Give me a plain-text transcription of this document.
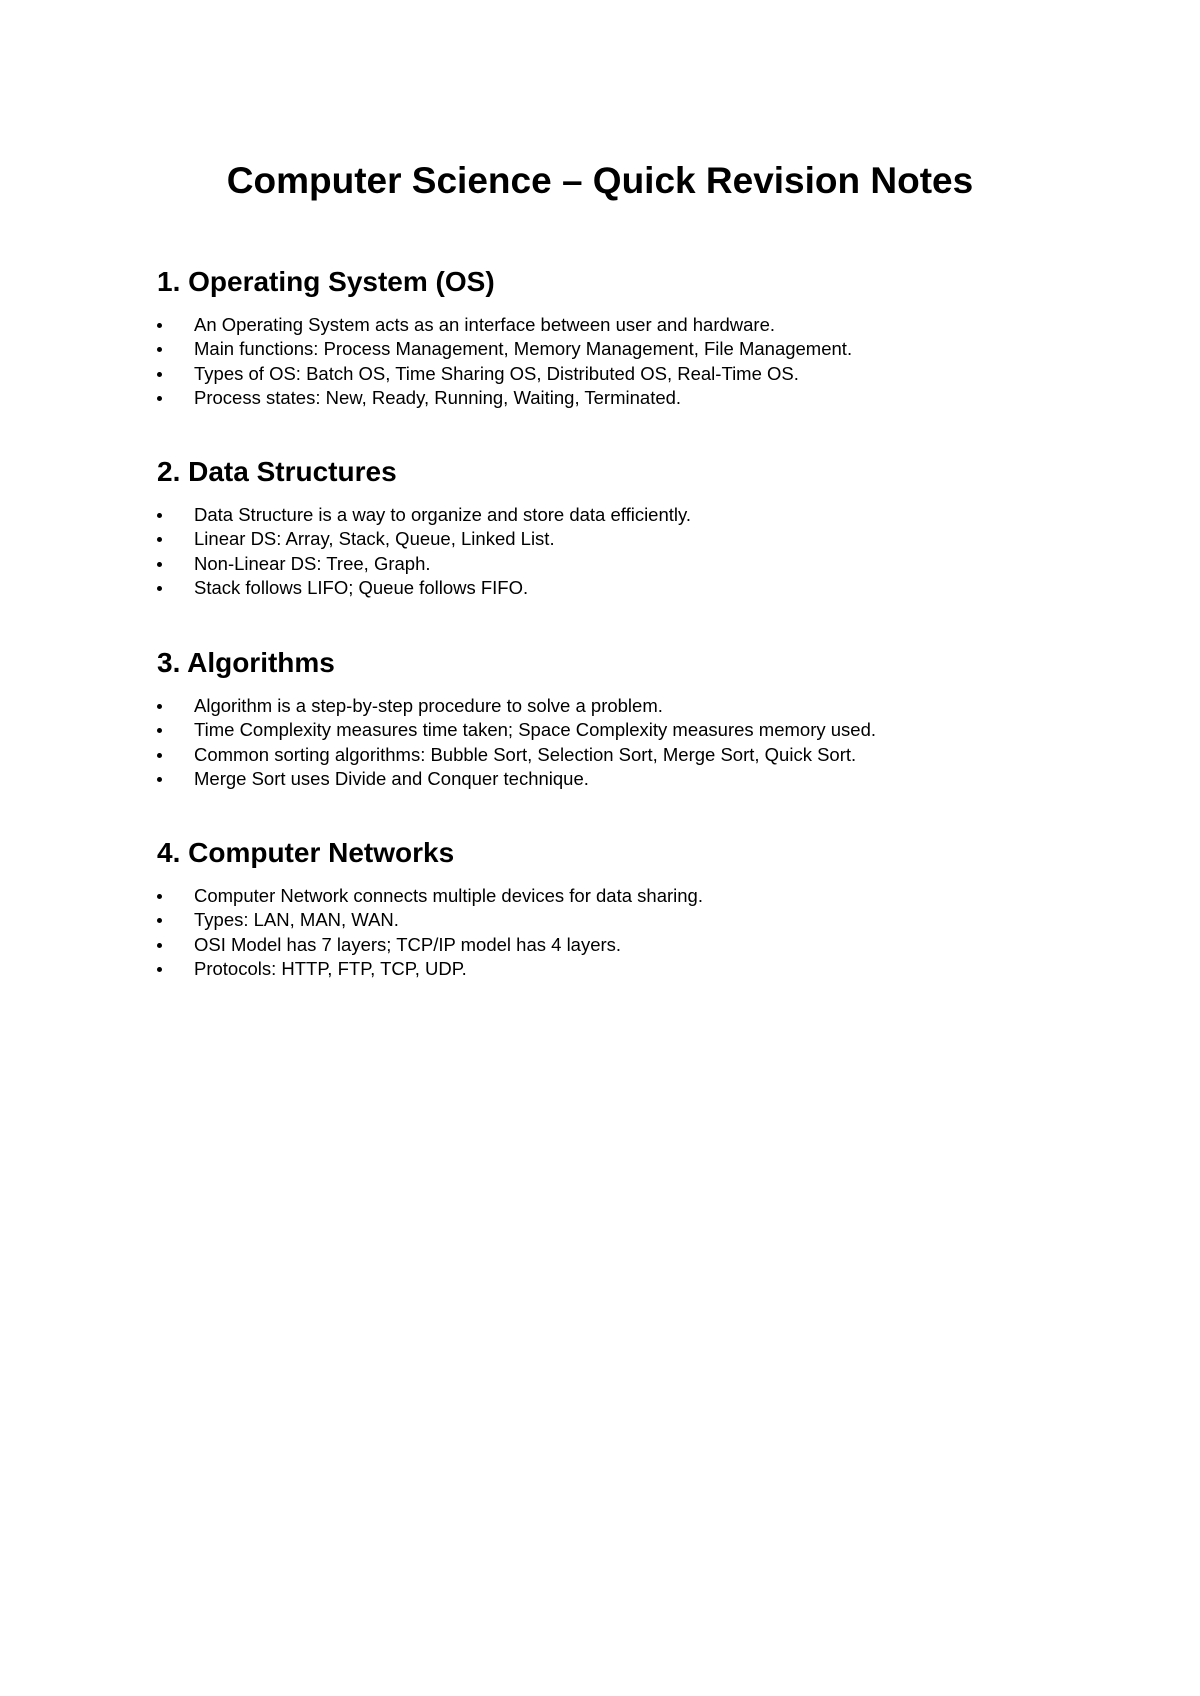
Computer Science – Quick Revision Notes
1. Operating System (OS)
An Operating System acts as an interface between user and hardware.
Main functions: Process Management, Memory Management, File Management.
Types of OS: Batch OS, Time Sharing OS, Distributed OS, Real-Time OS.
Process states: New, Ready, Running, Waiting, Terminated.
2. Data Structures
Data Structure is a way to organize and store data efficiently.
Linear DS: Array, Stack, Queue, Linked List.
Non-Linear DS: Tree, Graph.
Stack follows LIFO; Queue follows FIFO.
3. Algorithms
Algorithm is a step-by-step procedure to solve a problem.
Time Complexity measures time taken; Space Complexity measures memory used.
Common sorting algorithms: Bubble Sort, Selection Sort, Merge Sort, Quick Sort.
Merge Sort uses Divide and Conquer technique.
4. Computer Networks
Computer Network connects multiple devices for data sharing.
Types: LAN, MAN, WAN.
OSI Model has 7 layers; TCP/IP model has 4 layers.
Protocols: HTTP, FTP, TCP, UDP.
